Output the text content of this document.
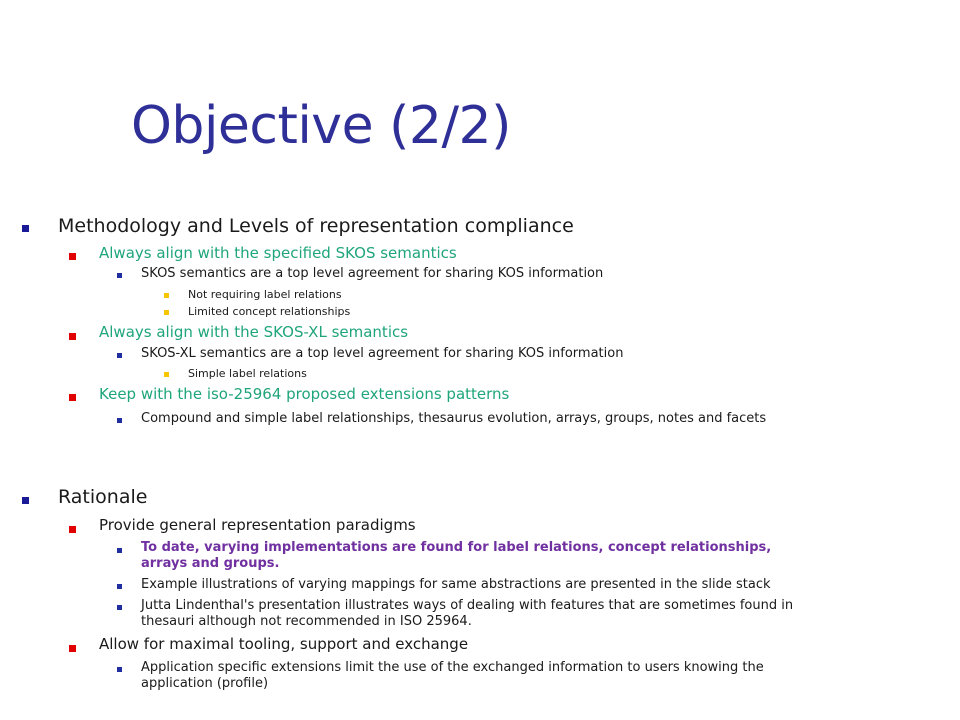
Objective (2/2)
Methodology and Levels of representation compliance
Always align with the specified SKOS semantics
SKOS semantics are a top level agreement for sharing KOS information
Not requiring label relations
Limited concept relationships
Always align with the SKOS-XL semantics
SKOS-XL semantics are a top level agreement for sharing KOS information
Simple label relations
Keep with the iso-25964 proposed extensions patterns
Compound and simple label relationships, thesaurus evolution, arrays, groups, notes and facets
Rationale
Provide general representation paradigms
To date, varying implementations are found for label relations, concept relationships,
arrays and groups.
Example illustrations of varying mappings for same abstractions are presented in the slide stack
Jutta Lindenthal's presentation illustrates ways of dealing with features that are sometimes found in
thesauri although not recommended in ISO 25964.
Allow for maximal tooling, support and exchange
Application specific extensions limit the use of the exchanged information to users knowing the
application (profile)
